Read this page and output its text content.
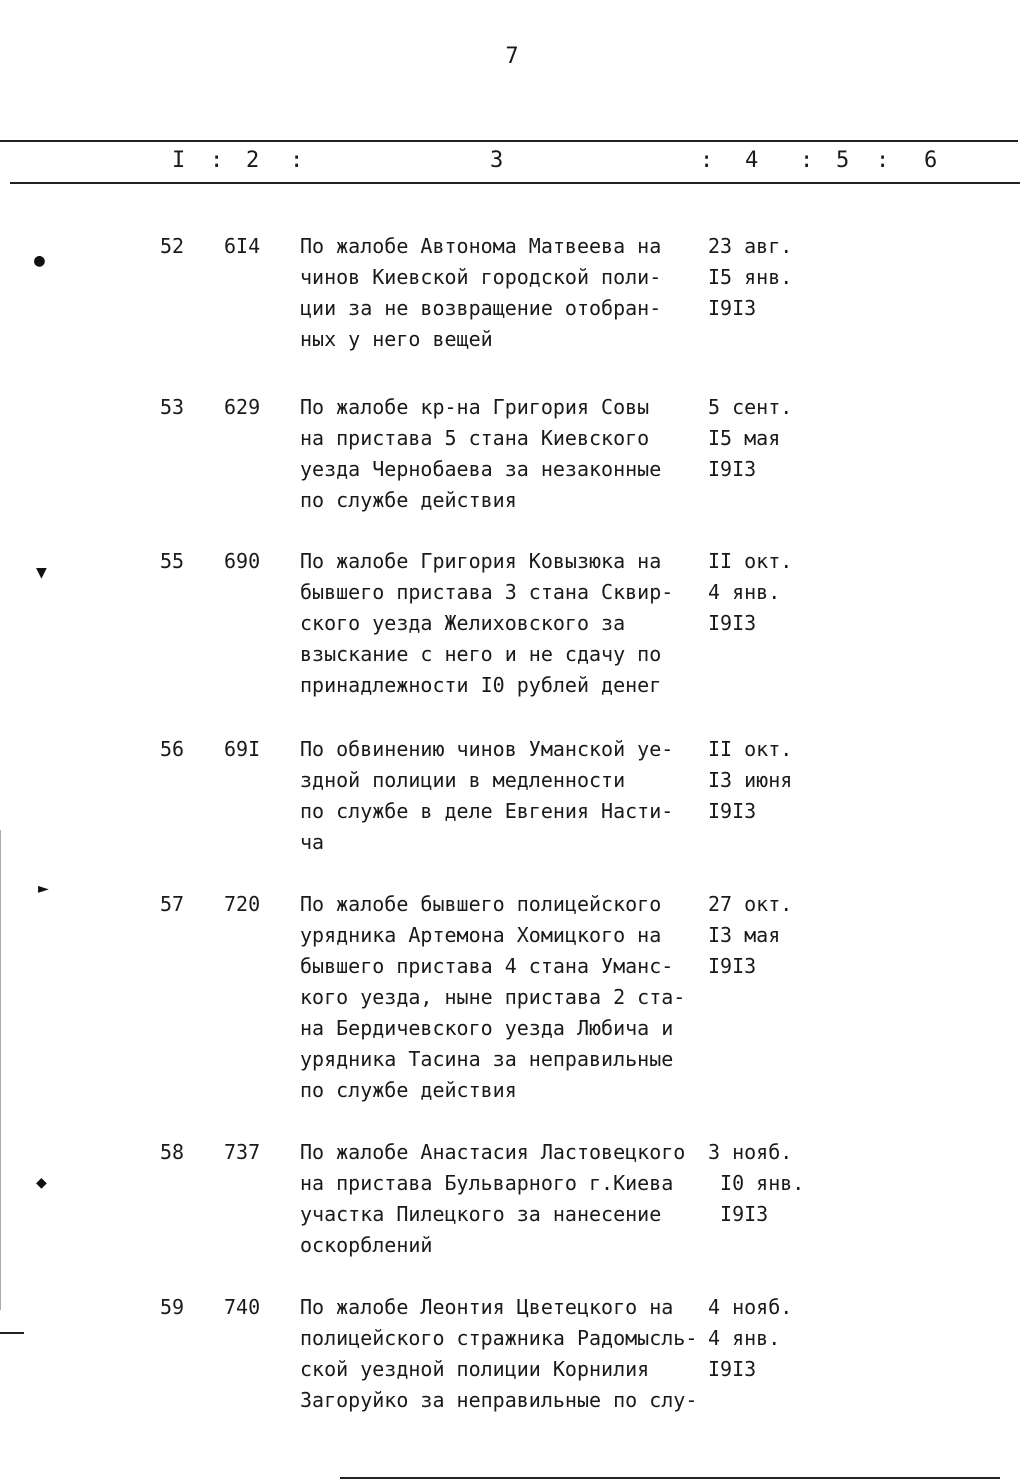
7
I : 2 :	3	: 4 : 5 : 6
52 6I4 По жалобе Автонома Матвеева на
чинов Киевской городской поли-
ции за не возвращение отобран-
ных у него вещей
23 авг.
I5 янв.
I9I3
53 629 По жалобе кр-на Григория Совы
на пристава 5 стана Киевского
уезда Чернобаева за незаконные
по службе действия
5 сент.
I5 мая
I9I3
55 690 По жалобе Григория Ковызюка на
бывшего пристава 3 стана Сквир-
ского уезда Желиховского за
взыскание с него и не сдачу по
принадлежности I0 рублей денег
II окт.
4 янв.
I9I3
56 69I По обвинению чинов Уманской уе-
здной полиции в медленности
по службе в деле Евгения Насти-
ча
II окт.
I3 июня
I9I3
57 720 По жалобе бывшего полицейского
урядника Артемона Хомицкого на
бывшего пристава 4 стана Уманс-
кого уезда, ныне пристава 2 ста-
на Бердичевского уезда Любича и
урядника Тасина за неправильные
по службе действия
27 окт.
I3 мая
I9I3
58 737 По жалобе Анастасия Ластовецкого
на пристава Бульварного г.Киева
участка Пилецкого за нанесение
оскорблений
3 нояб.
I0 янв.
I9I3
59 740 По жалобе Леонтия Цветецкого на
полицейского стражника Радомысль-
ской уездной полиции Корнилия
Загоруйко за неправильные по слу-
4 нояб.
4 янв.
I9I3
●
▼
►
◆
